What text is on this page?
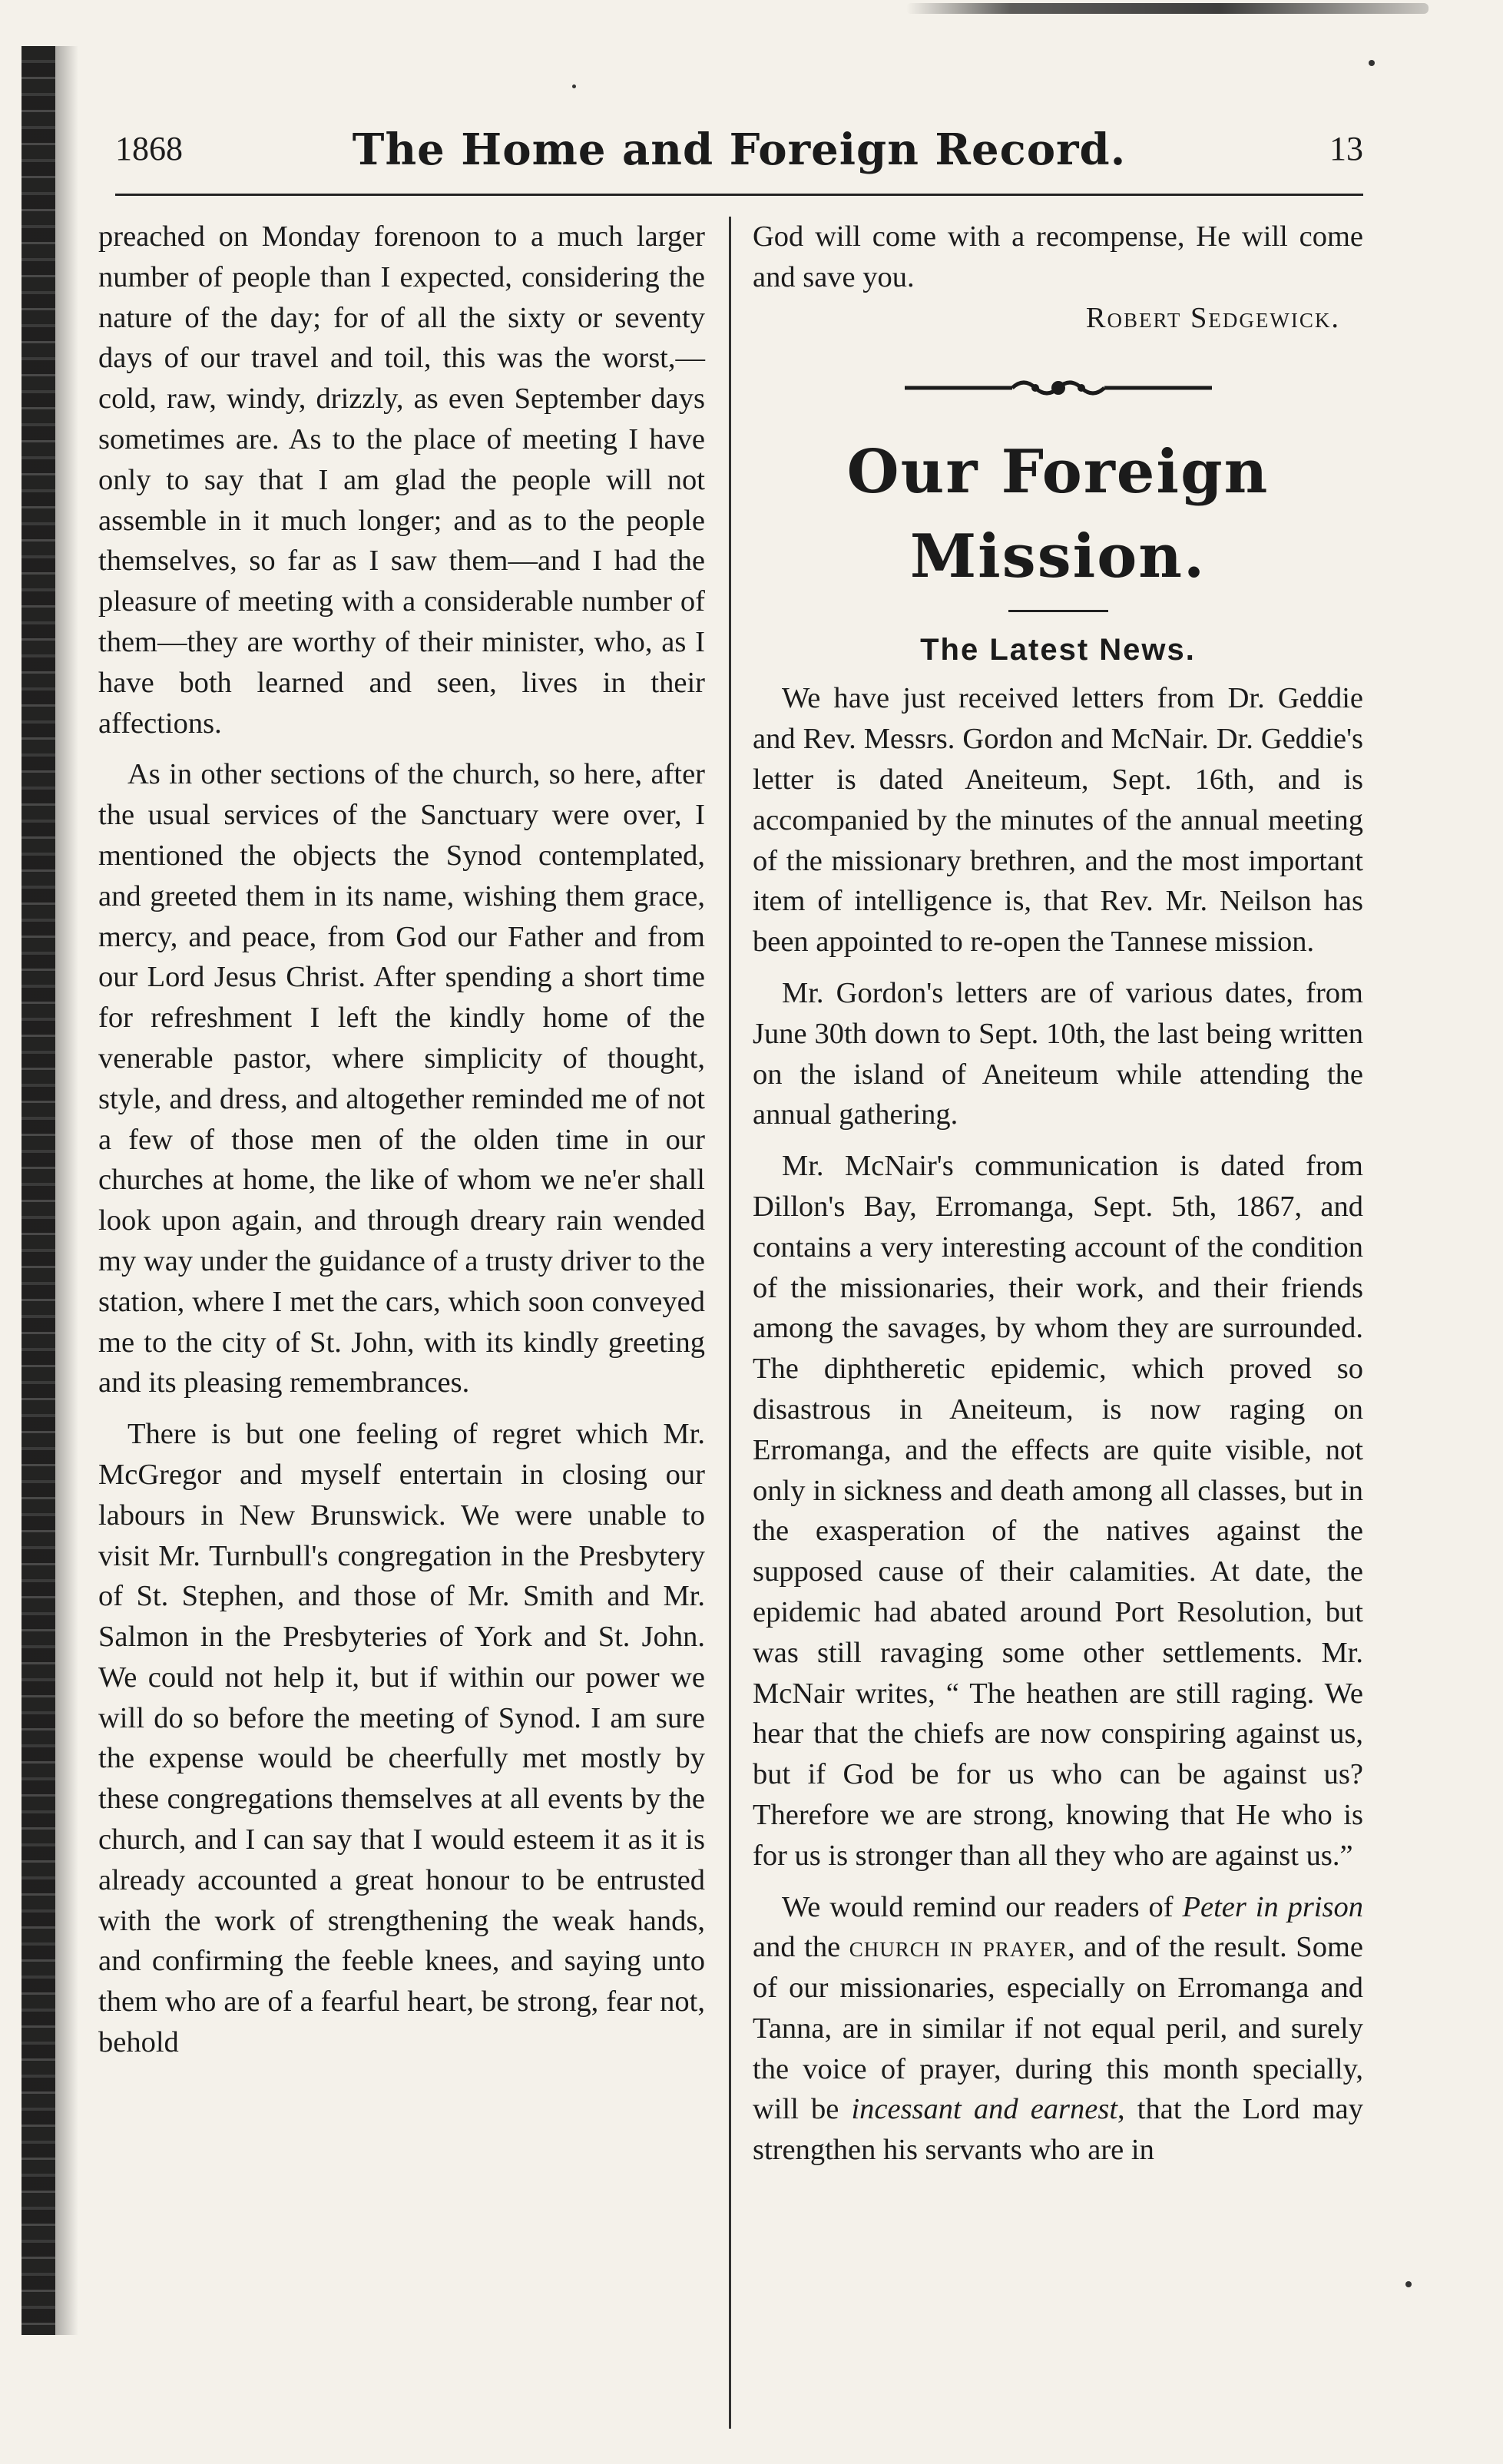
1868	The Home and Foreign Record.	13

preached on Monday forenoon to a much larger number of people than I expected, considering the nature of the day; for of all the sixty or seventy days of our travel and toil, this was the worst,—cold, raw, windy, drizzly, as even September days sometimes are. As to the place of meeting I have only to say that I am glad the people will not assemble in it much longer; and as to the people themselves, so far as I saw them—and I had the pleasure of meeting with a considerable number of them—they are worthy of their minister, who, as I have both learned and seen, lives in their affections.

As in other sections of the church, so here, after the usual services of the Sanctuary were over, I mentioned the objects the Synod contemplated, and greeted them in its name, wishing them grace, mercy, and peace, from God our Father and from our Lord Jesus Christ. After spending a short time for refreshment I left the kindly home of the venerable pastor, where simplicity of thought, style, and dress, and altogether reminded me of not a few of those men of the olden time in our churches at home, the like of whom we ne'er shall look upon again, and through dreary rain wended my way under the guidance of a trusty driver to the station, where I met the cars, which soon conveyed me to the city of St. John, with its kindly greeting and its pleasing remembrances.

There is but one feeling of regret which Mr. McGregor and myself entertain in closing our labours in New Brunswick. We were unable to visit Mr. Turnbull's congregation in the Presbytery of St. Stephen, and those of Mr. Smith and Mr. Salmon in the Presbyteries of York and St. John. We could not help it, but if within our power we will do so before the meeting of Synod. I am sure the expense would be cheerfully met mostly by these congregations themselves at all events by the church, and I can say that I would esteem it as it is already accounted a great honour to be entrusted with the work of strengthening the weak hands, and confirming the feeble knees, and saying unto them who are of a fearful heart, be strong, fear not, behold

God will come with a recompense, He will come and save you.

Robert Sedgewick.

Our Foreign Mission.
The Latest News.

We have just received letters from Dr. Geddie and Rev. Messrs. Gordon and McNair. Dr. Geddie's letter is dated Aneiteum, Sept. 16th, and is accompanied by the minutes of the annual meeting of the missionary brethren, and the most important item of intelligence is, that Rev. Mr. Neilson has been appointed to re-open the Tannese mission.

Mr. Gordon's letters are of various dates, from June 30th down to Sept. 10th, the last being written on the island of Aneiteum while attending the annual gathering.

Mr. McNair's communication is dated from Dillon's Bay, Erromanga, Sept. 5th, 1867, and contains a very interesting account of the condition of the missionaries, their work, and their friends among the savages, by whom they are surrounded. The diphtheretic epidemic, which proved so disastrous in Aneiteum, is now raging on Erromanga, and the effects are quite visible, not only in sickness and death among all classes, but in the exasperation of the natives against the supposed cause of their calamities. At date, the epidemic had abated around Port Resolution, but was still ravaging some other settlements. Mr. McNair writes, “ The heathen are still raging. We hear that the chiefs are now conspiring against us, but if God be for us who can be against us? Therefore we are strong, knowing that He who is for us is stronger than all they who are against us.”

We would remind our readers of Peter in prison and the church in prayer, and of the result. Some of our missionaries, especially on Erromanga and Tanna, are in similar if not equal peril, and surely the voice of prayer, during this month specially, will be incessant and earnest, that the Lord may strengthen his servants who are in
